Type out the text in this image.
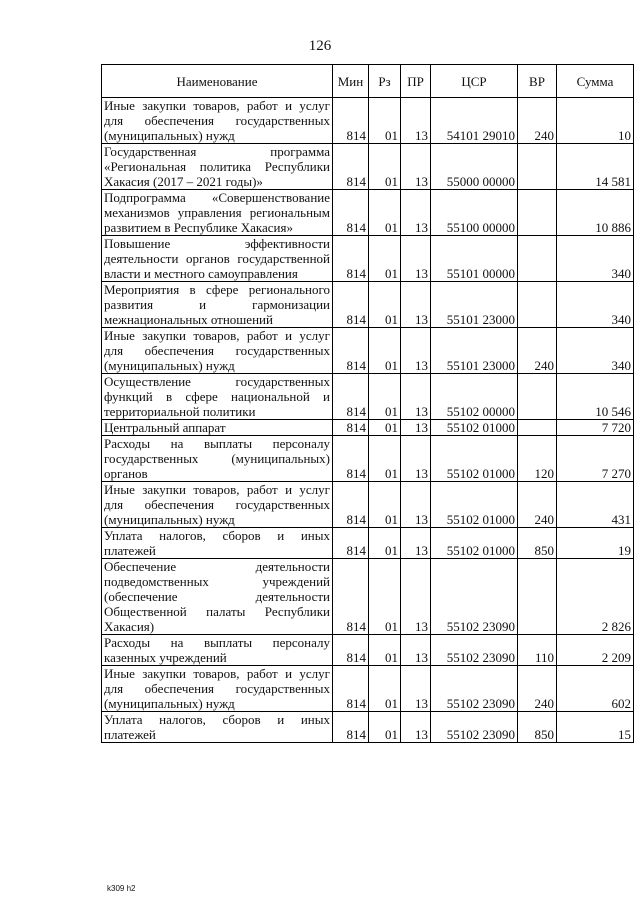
126
Наименование	Мин	Рз	ПР	ЦСР	ВР	Сумма
Иные закупки товаров, работ и услуг для обеспечения государственных (муниципальных) нужд	814	01	13	54101 29010	240	10
Государственная программа «Региональная политика Республики Хакасия (2017 – 2021 годы)»	814	01	13	55000 00000		14 581
Подпрограмма «Совершенствование механизмов управления региональным развитием в Республике Хакасия»	814	01	13	55100 00000		10 886
Повышение эффективности деятельности органов государственной власти и местного самоуправления	814	01	13	55101 00000		340
Мероприятия в сфере регионального развития и гармонизации межнациональных отношений	814	01	13	55101 23000		340
Иные закупки товаров, работ и услуг для обеспечения государственных (муниципальных) нужд	814	01	13	55101 23000	240	340
Осуществление государственных функций в сфере национальной и территориальной политики	814	01	13	55102 00000		10 546
Центральный аппарат	814	01	13	55102 01000		7 720
Расходы на выплаты персоналу государственных (муниципальных) органов	814	01	13	55102 01000	120	7 270
Иные закупки товаров, работ и услуг для обеспечения государственных (муниципальных) нужд	814	01	13	55102 01000	240	431
Уплата налогов, сборов и иных платежей	814	01	13	55102 01000	850	19
Обеспечение деятельности подведомственных учреждений (обеспечение деятельности Общественной палаты Республики Хакасия)	814	01	13	55102 23090		2 826
Расходы на выплаты персоналу казенных учреждений	814	01	13	55102 23090	110	2 209
Иные закупки товаров, работ и услуг для обеспечения государственных (муниципальных) нужд	814	01	13	55102 23090	240	602
Уплата налогов, сборов и иных платежей	814	01	13	55102 23090	850	15
k309 h2
